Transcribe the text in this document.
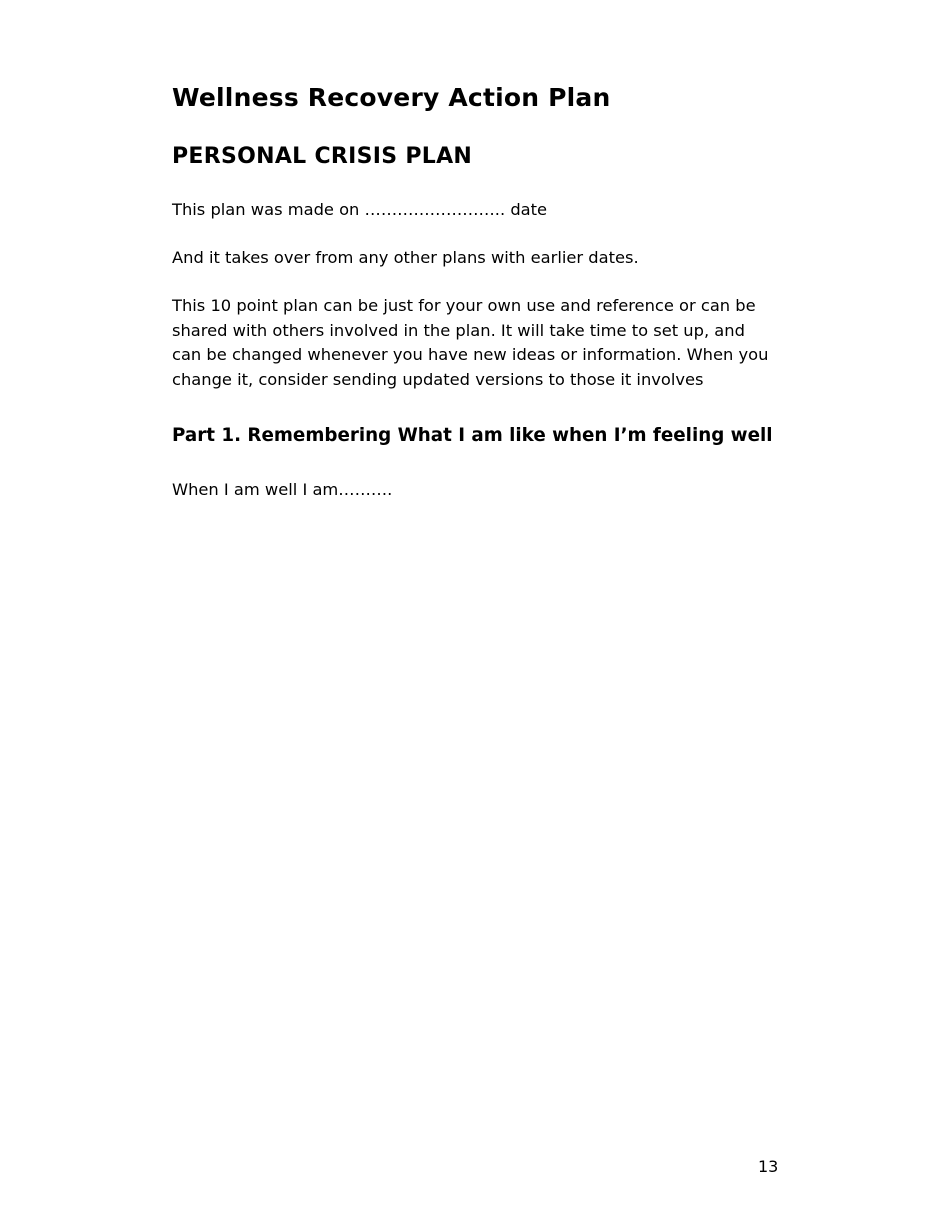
Wellness Recovery Action Plan
PERSONAL CRISIS PLAN

This plan was made on …………………….. date

And it takes over from any other plans with earlier dates.

This 10 point plan can be just for your own use and reference or can be shared with others involved in the plan. It will take time to set up, and can be changed whenever you have new ideas or information. When you change it, consider sending updated versions to those it involves

Part 1. Remembering What I am like when I’m feeling well

When I am well I am……….

13
